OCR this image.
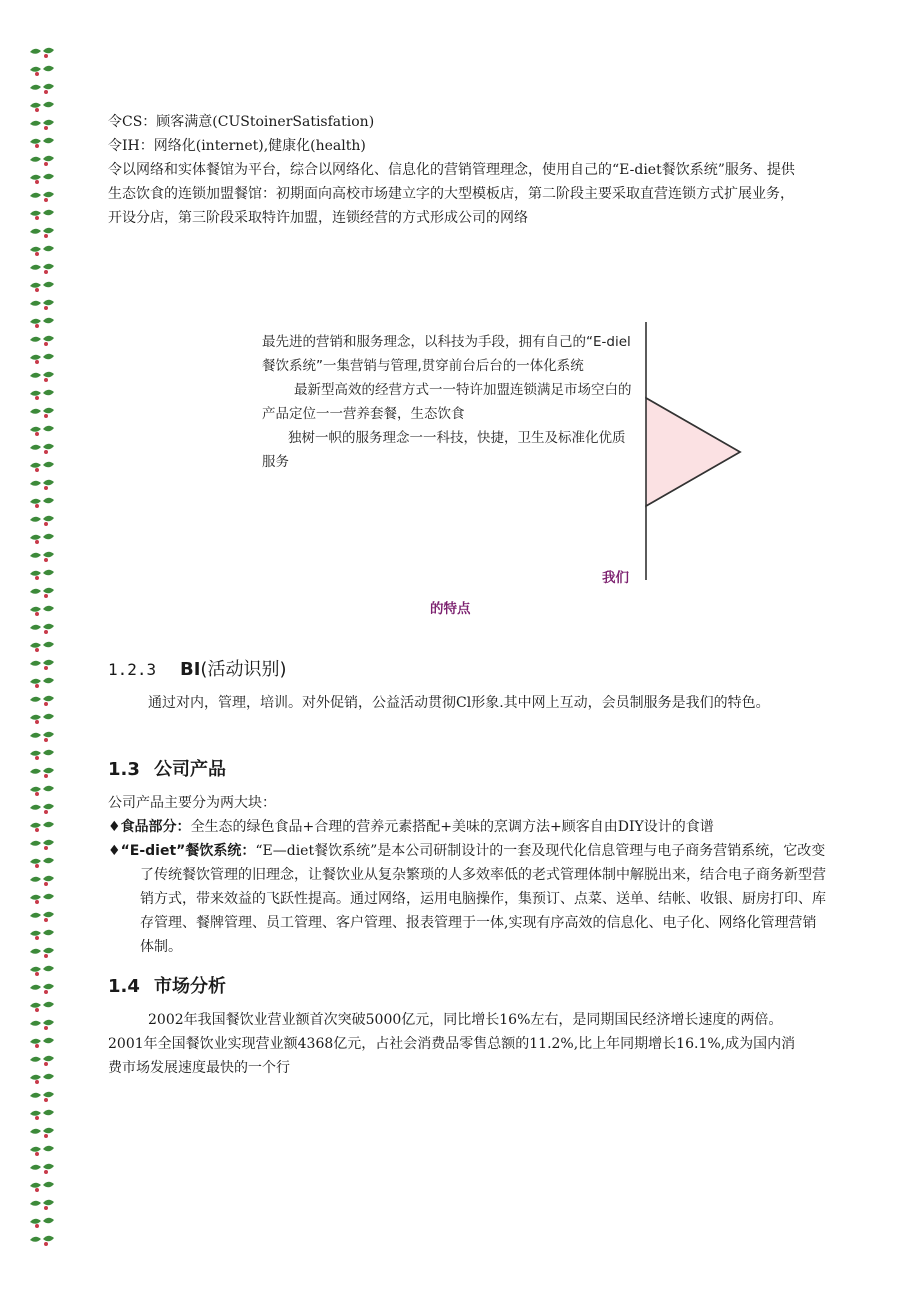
令CS：顾客满意(CUStoinerSatisfation)
令IH：网络化(internet),健康化(health)
令以网络和实体餐馆为平台，综合以网络化、信息化的营销管理理念，使用自己的“E-diet餐饮系统”服务、提供生态饮食的连锁加盟餐馆：初期面向高校市场建立字的大型模板店，第二阶段主要采取直营连锁方式扩展业务，开设分店，第三阶段采取特许加盟，连锁经营的方式形成公司的网络
最先进的营销和服务理念，以科技为手段，拥有自己的“E-diel餐饮系统”一集营销与管理,贯穿前台后台的一体化系统
最新型高效的经营方式一一特许加盟连锁满足市场空白的产品定位一一营养套餐，生态饮食
独树一帜的服务理念一一科技，快捷，卫生及标准化优质服务
我们
的特点
1.2.3 BI(活动识别)
通过对内，管理，培训。对外促销，公益活动贯彻Cl形象.其中网上互动，会员制服务是我们的特色。
1.3 公司产品
公司产品主要分为两大块：
♦食品部分：全生态的绿色食品+合理的营养元素搭配+美味的烹调方法+顾客自由DIY设计的食谱
♦“E-diet”餐饮系统：“E—diet餐饮系统”是本公司研制设计的一套及现代化信息管理与电子商务营销系统，它改变了传统餐饮管理的旧理念，让餐饮业从复杂繁琐的人多效率低的老式管理体制中解脱出来，结合电子商务新型营销方式，带来效益的飞跃性提高。通过网络，运用电脑操作，集预订、点菜、送单、结帐、收银、厨房打印、库存管理、餐牌管理、员工管理、客户管理、报表管理于一体,实现有序高效的信息化、电子化、网络化管理营销体制。
1.4 市场分析
2002年我国餐饮业营业额首次突破5000亿元，同比增长16%左右，是同期国民经济增长速度的两倍。2001年全国餐饮业实现营业额4368亿元，占社会消费品零售总额的11.2%,比上年同期增长16.1%,成为国内消费市场发展速度最快的一个行
